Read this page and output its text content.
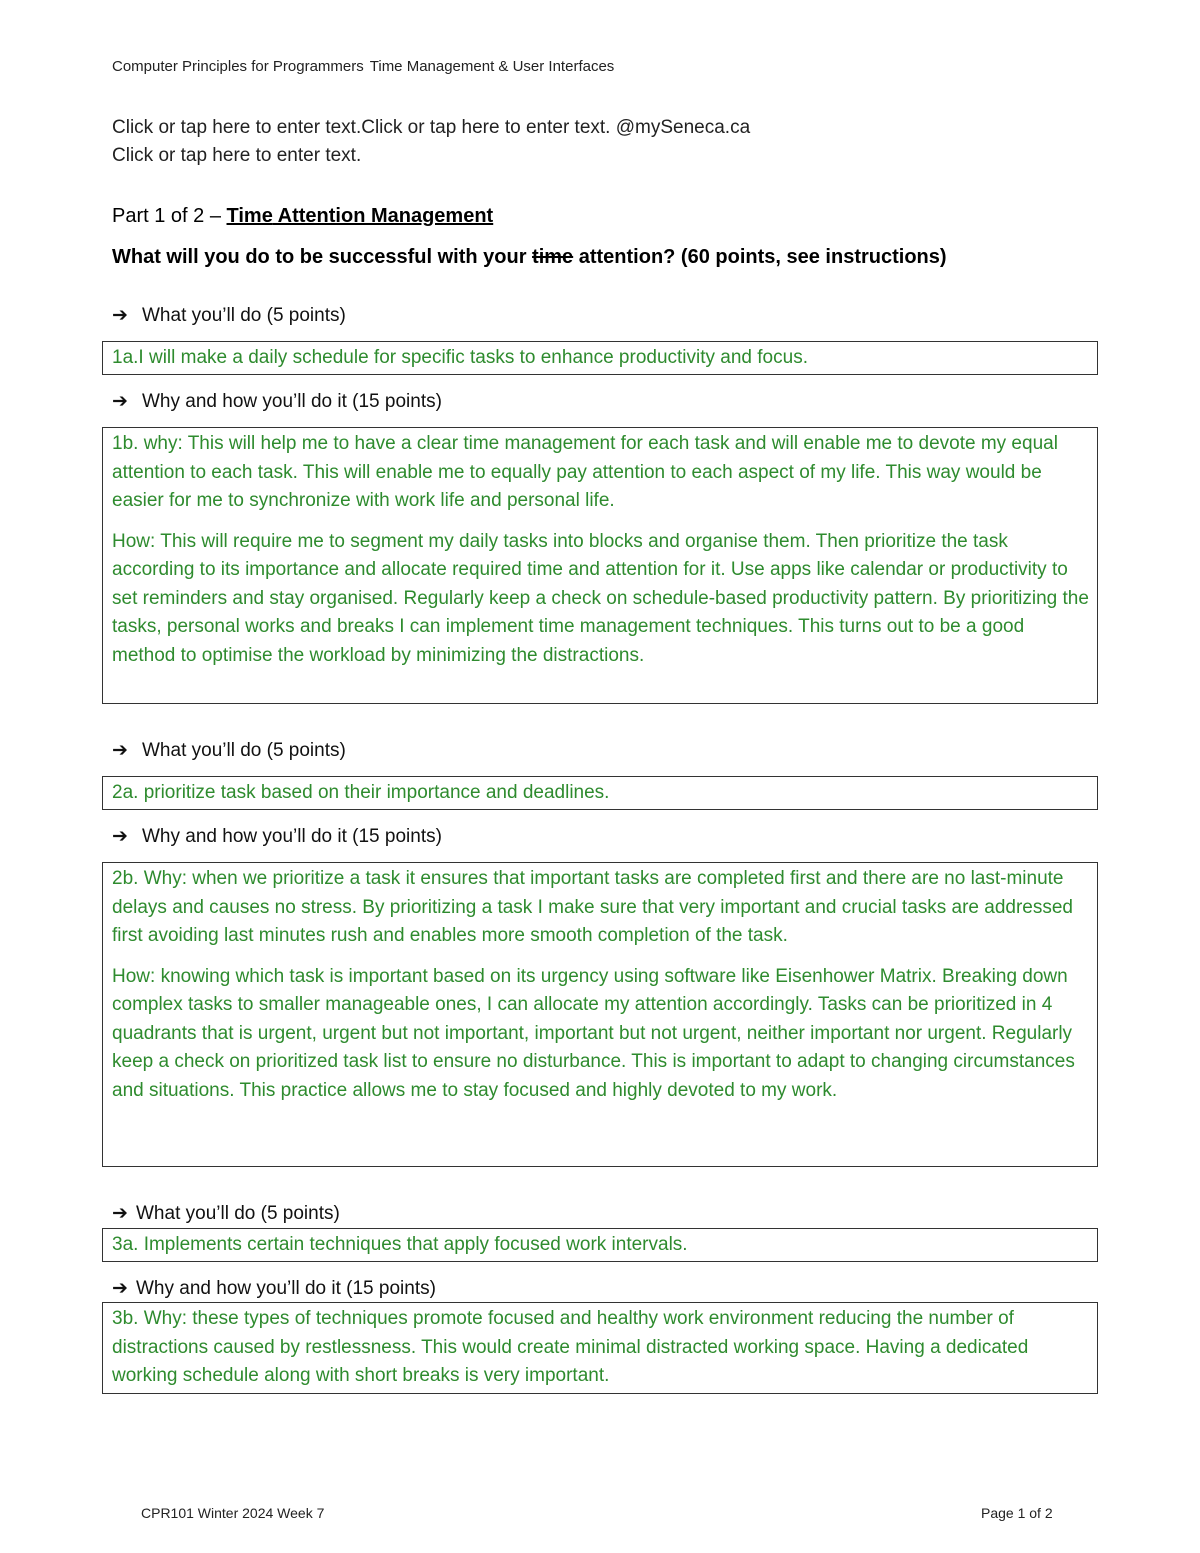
Computer Principles for Programmers Time Management & User Interfaces
Click or tap here to enter text.Click or tap here to enter text. @mySeneca.ca
Click or tap here to enter text.
Part 1 of 2 – Time Attention Management
What will you do to be successful with your time attention? (60 points, see instructions)
➔ What you’ll do (5 points)

1a.I will make a daily schedule for specific tasks to enhance productivity and focus.

➔ Why and how you’ll do it (15 points)

1b. why: This will help me to have a clear time management for each task and will enable me to devote my equal attention to each task. This will enable me to equally pay attention to each aspect of my life. This way would be easier for me to synchronize with work life and personal life.

How: This will require me to segment my daily tasks into blocks and organise them. Then prioritize the task according to its importance and allocate required time and attention for it. Use apps like calendar or productivity to set reminders and stay organised. Regularly keep a check on schedule-based productivity pattern. By prioritizing the tasks, personal works and breaks I can implement time management techniques. This turns out to be a good method to optimise the workload by minimizing the distractions.

➔ What you’ll do (5 points)

2a. prioritize task based on their importance and deadlines.

➔ Why and how you’ll do it (15 points)

2b. Why: when we prioritize a task it ensures that important tasks are completed first and there are no last-minute delays and causes no stress. By prioritizing a task I make sure that very important and crucial tasks are addressed first avoiding last minutes rush and enables more smooth completion of the task.

How: knowing which task is important based on its urgency using software like Eisenhower Matrix. Breaking down complex tasks to smaller manageable ones, I can allocate my attention accordingly. Tasks can be prioritized in 4 quadrants that is urgent, urgent but not important, important but not urgent, neither important nor urgent. Regularly keep a check on prioritized task list to ensure no disturbance. This is important to adapt to changing circumstances and situations. This practice allows me to stay focused and highly devoted to my work.

➔ What you’ll do (5 points)

3a. Implements certain techniques that apply focused work intervals.

➔ Why and how you’ll do it (15 points)

3b. Why: these types of techniques promote focused and healthy work environment reducing the number of distractions caused by restlessness. This would create minimal distracted working space. Having a dedicated working schedule along with short breaks is very important.

CPR101 Winter 2024 Week 7	Page 1 of 2
